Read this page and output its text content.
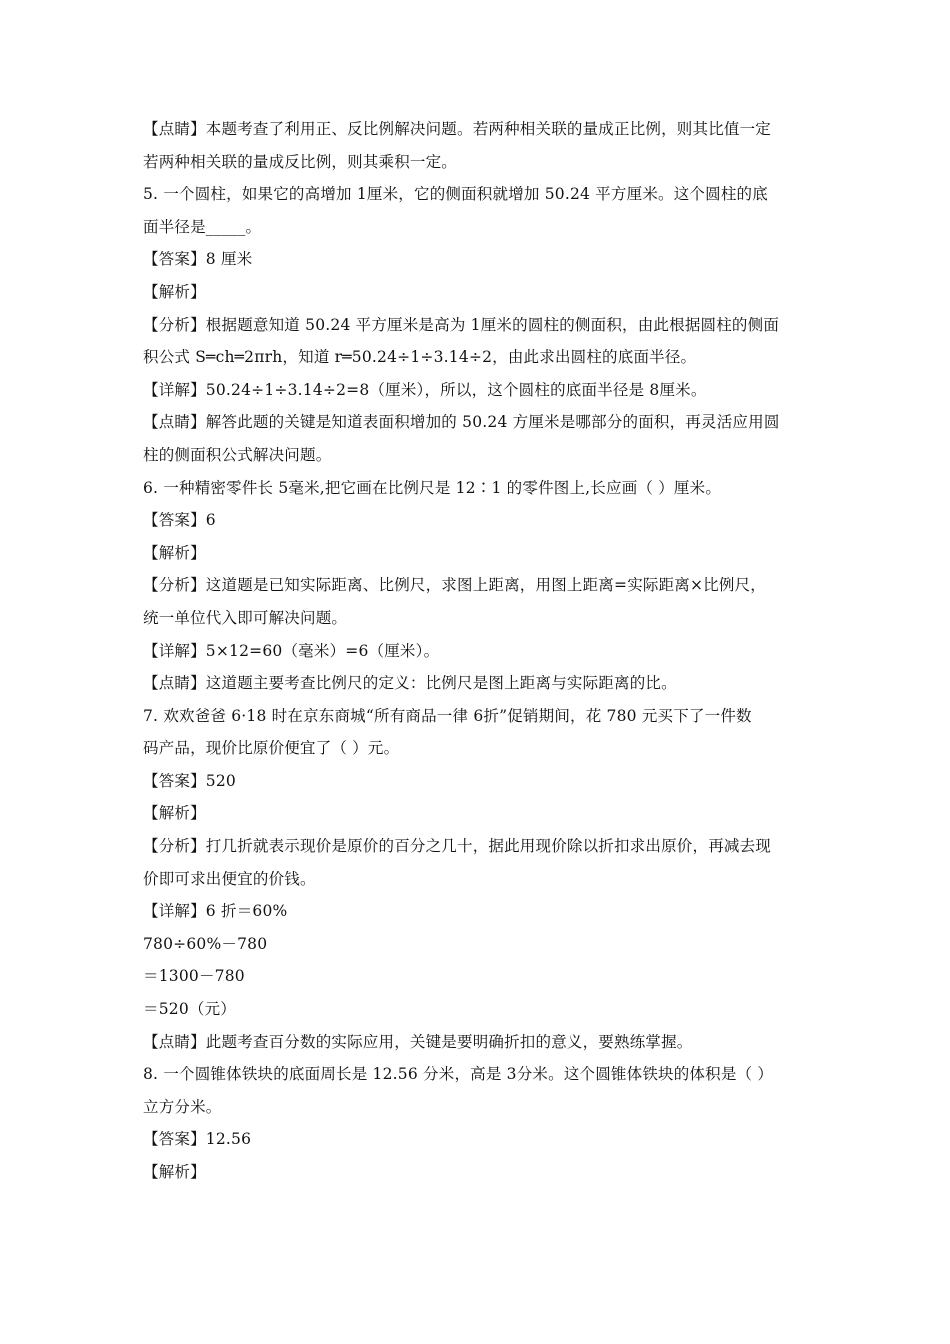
【点睛】本题考查了利用正、反比例解决问题。若两种相关联的量成正比例，则其比值一定
若两种相关联的量成反比例，则其乘积一定。
5. 一个圆柱，如果它的高增加 1厘米，它的侧面积就增加 50.24 平方厘米。这个圆柱的底
面半径是_____。
【答案】8 厘米
【解析】
【分析】根据题意知道 50.24 平方厘米是高为 1厘米的圆柱的侧面积，由此根据圆柱的侧面
积公式 S═ch═2πrh，知道 r═50.24÷1÷3.14÷2，由此求出圆柱的底面半径。
【详解】50.24÷1÷3.14÷2=8（厘米），所以，这个圆柱的底面半径是 8厘米。
【点睛】解答此题的关键是知道表面积增加的 50.24 方厘米是哪部分的面积，再灵活应用圆
柱的侧面积公式解决问题。
6. 一种精密零件长 5毫米,把它画在比例尺是 12∶1 的零件图上,长应画（ ）厘米。
【答案】6
【解析】
【分析】这道题是已知实际距离、比例尺，求图上距离，用图上距离=实际距离×比例尺，
统一单位代入即可解决问题。
【详解】5×12=60（毫米）=6（厘米）。
【点睛】这道题主要考查比例尺的定义：比例尺是图上距离与实际距离的比。
7. 欢欢爸爸 6·18 时在京东商城“所有商品一律 6折”促销期间，花 780 元买下了一件数
码产品，现价比原价便宜了（ ）元。
【答案】520
【解析】
【分析】打几折就表示现价是原价的百分之几十，据此用现价除以折扣求出原价，再减去现
价即可求出便宜的价钱。
【详解】6 折＝60%
780÷60%－780
＝1300－780
＝520（元）
【点睛】此题考查百分数的实际应用，关键是要明确折扣的意义，要熟练掌握。
8. 一个圆锥体铁块的底面周长是 12.56 分米，高是 3分米。这个圆锥体铁块的体积是（ ）
立方分米。
【答案】12.56
【解析】
